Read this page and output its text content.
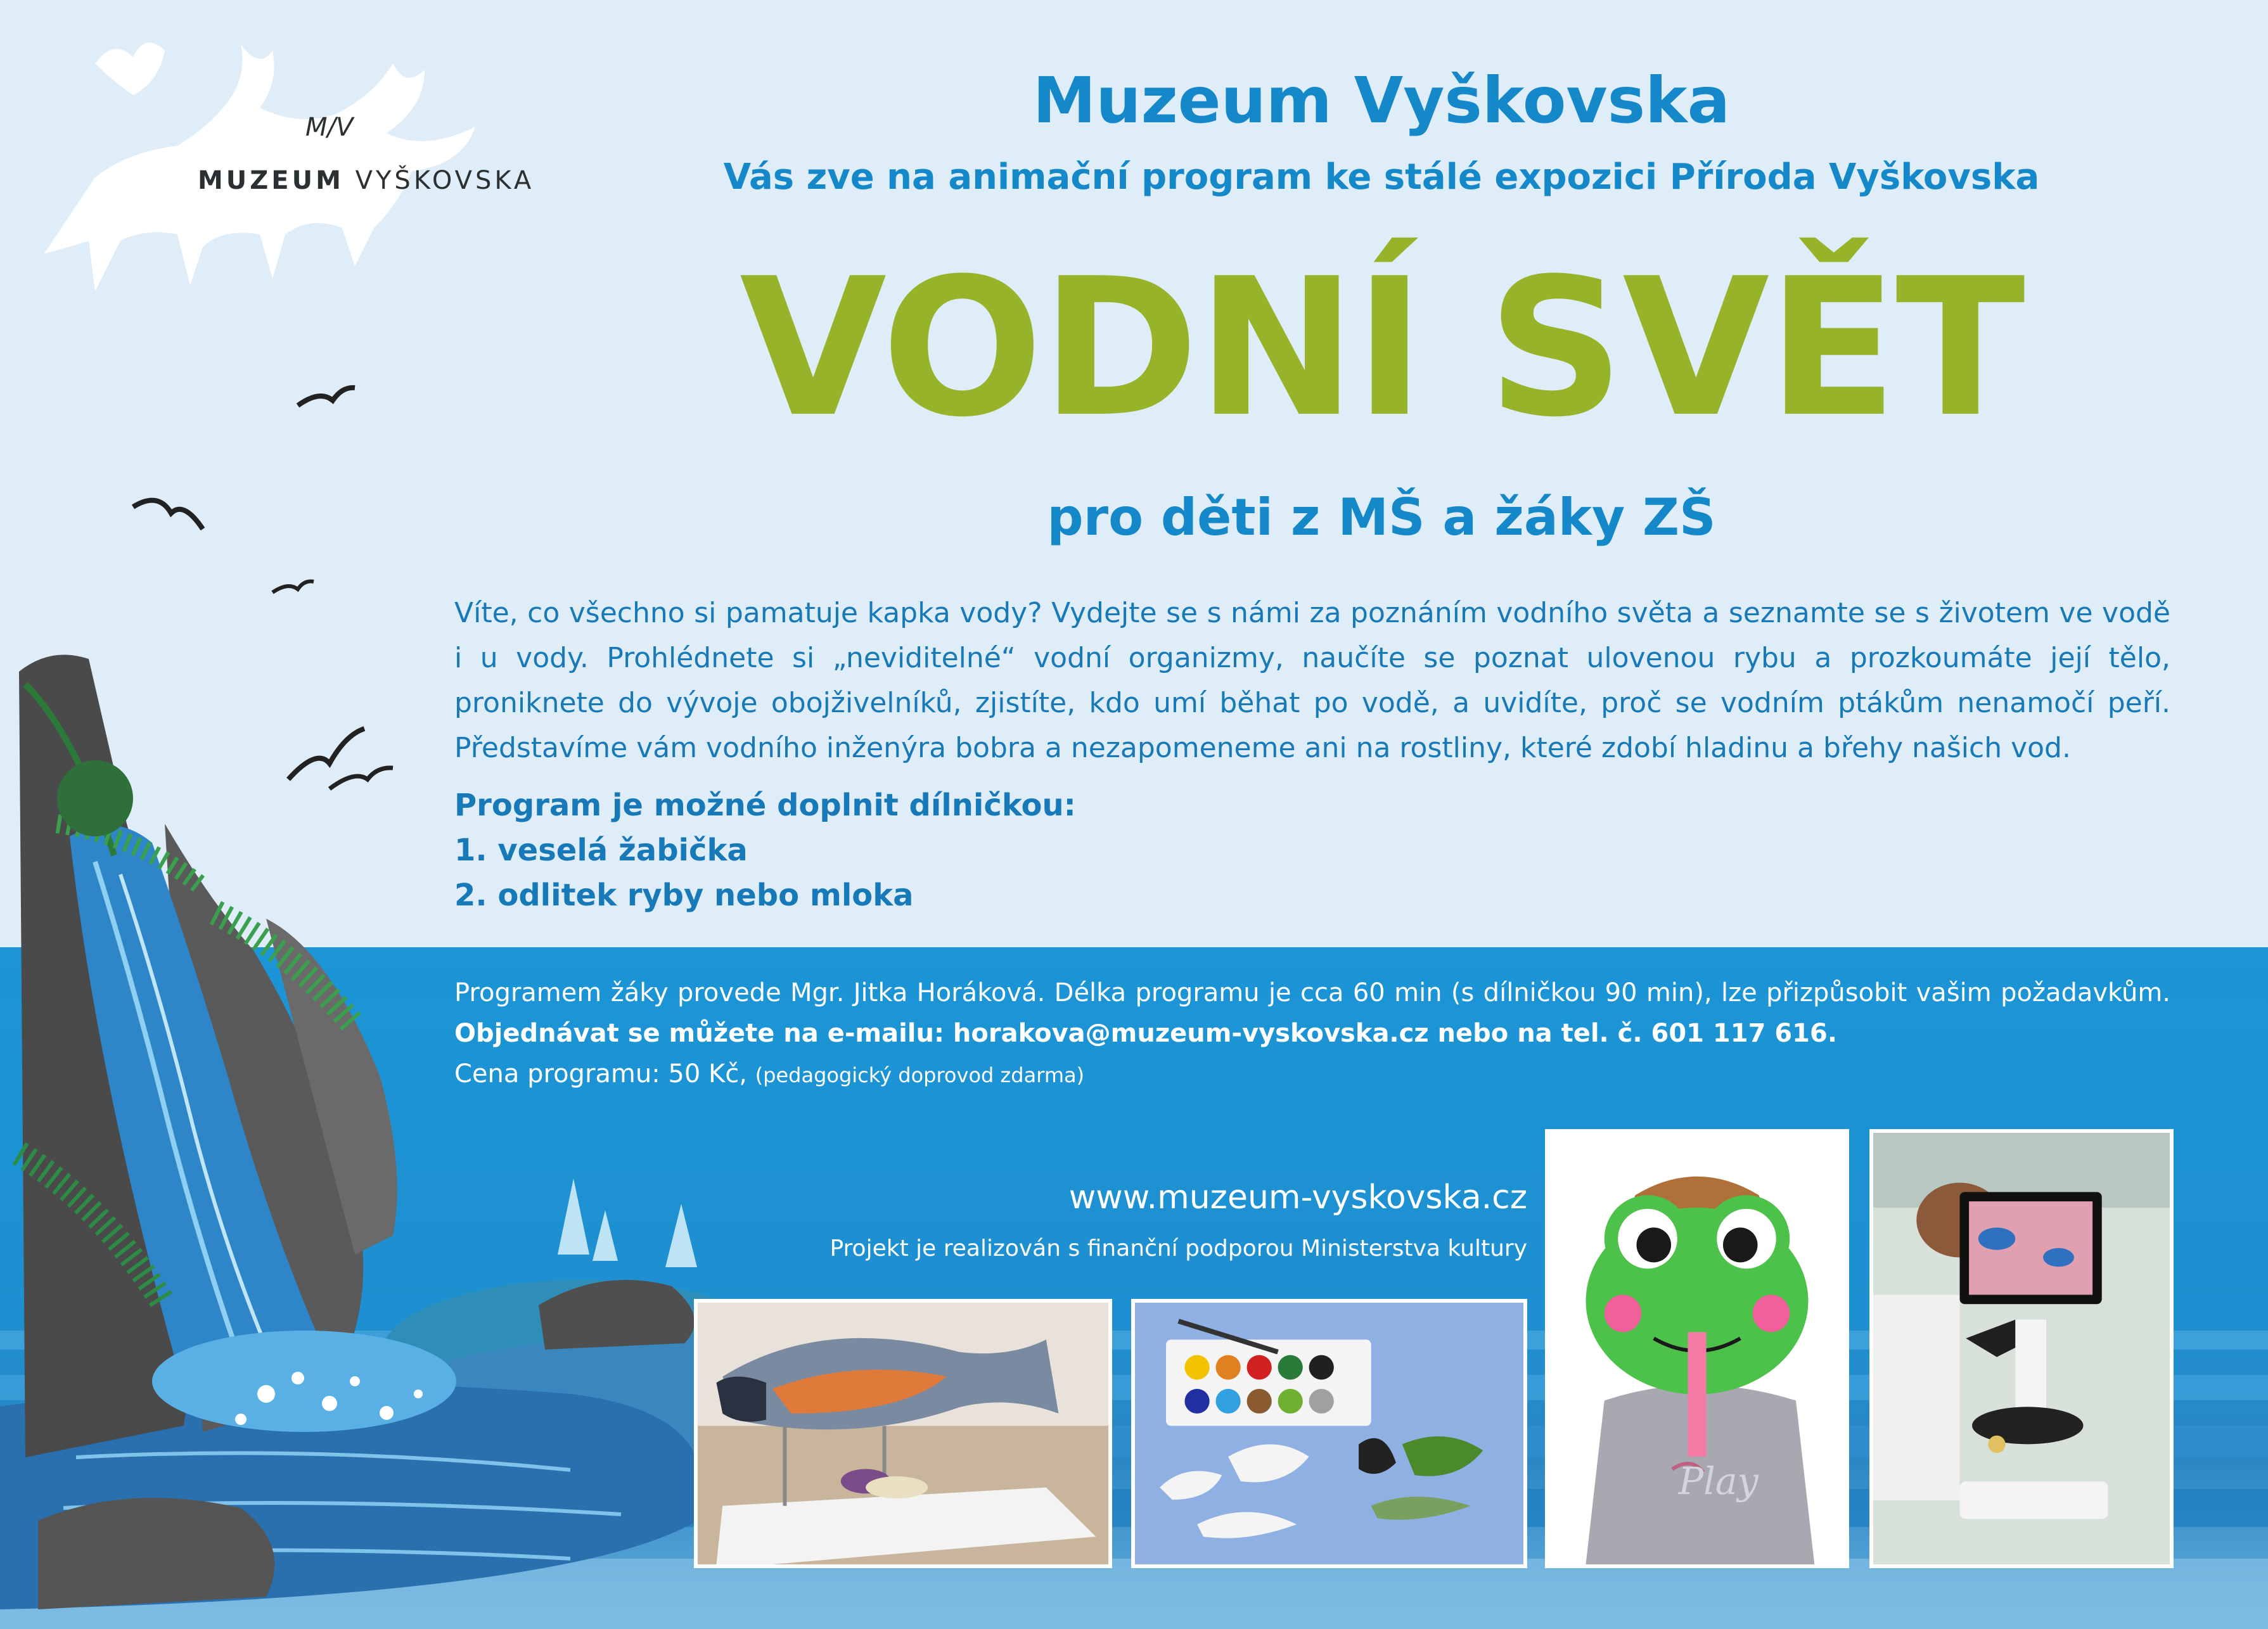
M/V
MUZEUM VYŠKOVSKA
Muzeum Vyškovska
Vás zve na animační program ke stálé expozici Příroda Vyškovska
VODNÍ SVĚT
pro děti z MŠ a žáky ZŠ
Víte, co všechno si pamatuje kapka vody? Vydejte se s námi za poznáním vodního světa a seznamte se s životem ve vodě i u vody. Prohlédnete si „neviditelné“ vodní organizmy, naučíte se poznat ulovenou rybu a prozkoumáte její tělo, proniknete do vývoje obojživelníků, zjistíte, kdo umí běhat po vodě, a uvidíte, proč se vodním ptákům nenamočí peří. Představíme vám vodního inženýra bobra a nezapomeneme ani na rostliny, které zdobí hladinu a břehy našich vod.
Program je možné doplnit dílničkou:
1. veselá žabička
2. odlitek ryby nebo mloka
Programem žáky provede Mgr. Jitka Horáková. Délka programu je cca 60 min (s dílničkou 90 min), lze přizpůsobit vašim požadavkům.
Objednávat se můžete na e-mailu: horakova@muzeum-vyskovska.cz nebo na tel. č. 601 117 616.
Cena programu: 50 Kč, (pedagogický doprovod zdarma)
www.muzeum-vyskovska.cz
Projekt je realizován s finanční podporou Ministerstva kultury
Play
